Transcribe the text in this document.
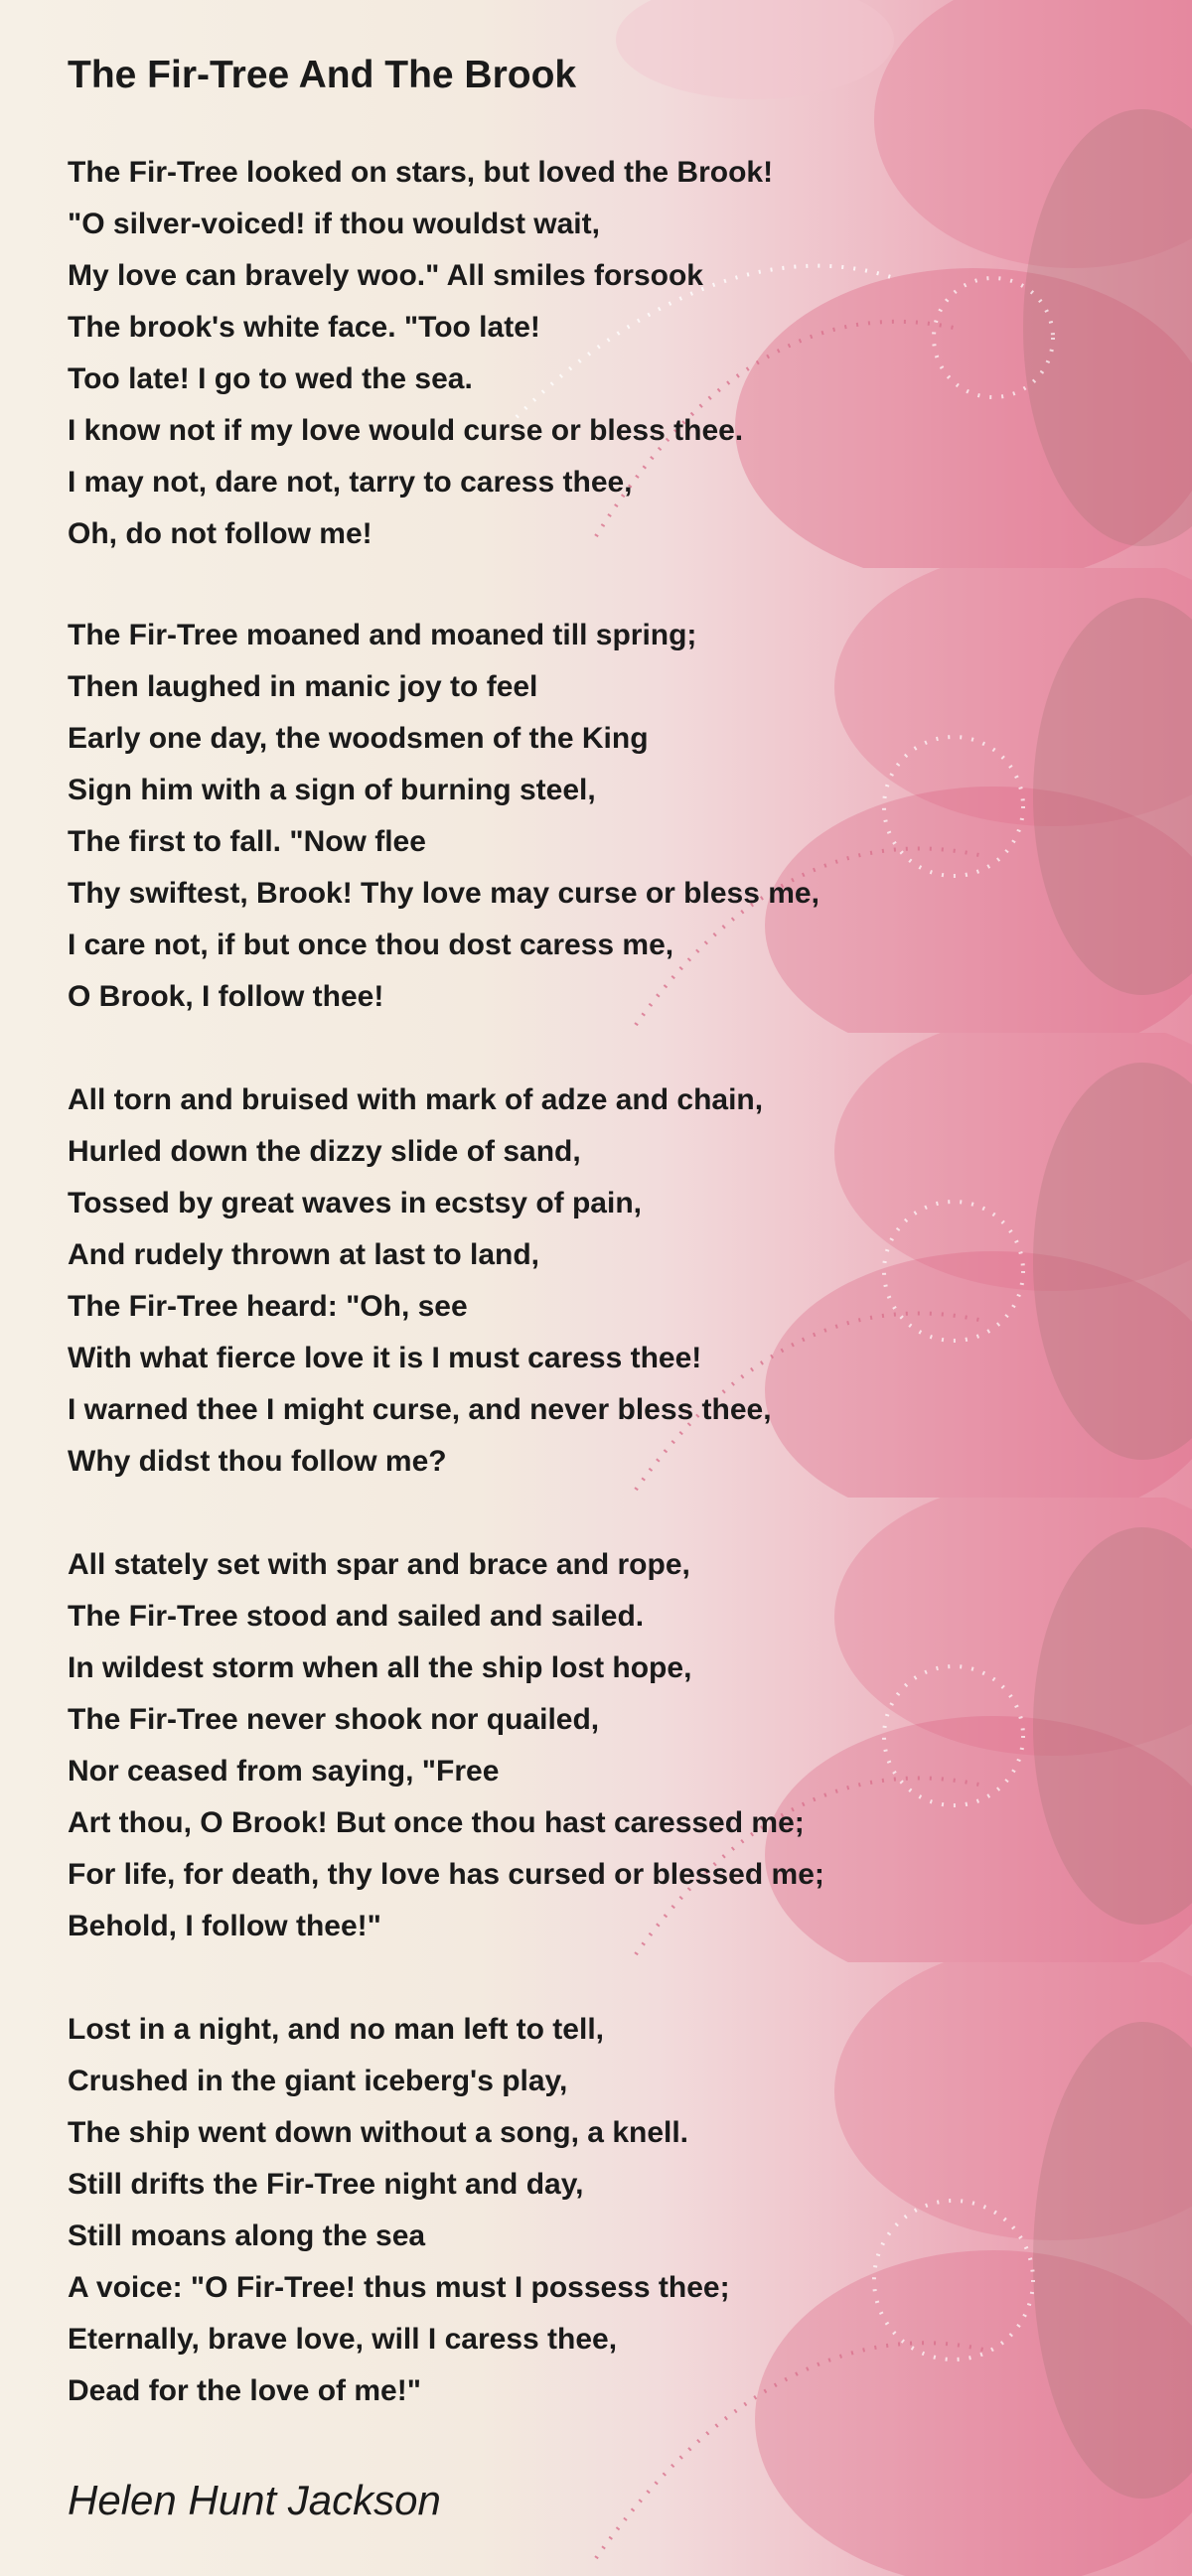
The Fir-Tree And The Brook
The Fir-Tree looked on stars, but loved the Brook!
"O silver-voiced! if thou wouldst wait,
My love can bravely woo." All smiles forsook
The brook's white face. "Too late!
Too late! I go to wed the sea.
I know not if my love would curse or bless thee.
I may not, dare not, tarry to caress thee,
Oh, do not follow me!
The Fir-Tree moaned and moaned till spring;
Then laughed in manic joy to feel
Early one day, the woodsmen of the King
Sign him with a sign of burning steel,
The first to fall. "Now flee
Thy swiftest, Brook! Thy love may curse or bless me,
I care not, if but once thou dost caress me,
O Brook, I follow thee!
All torn and bruised with mark of adze and chain,
Hurled down the dizzy slide of sand,
Tossed by great waves in ecstsy of pain,
And rudely thrown at last to land,
The Fir-Tree heard: "Oh, see
With what fierce love it is I must caress thee!
I warned thee I might curse, and never bless thee,
Why didst thou follow me?
All stately set with spar and brace and rope,
The Fir-Tree stood and sailed and sailed.
In wildest storm when all the ship lost hope,
The Fir-Tree never shook nor quailed,
Nor ceased from saying, "Free
Art thou, O Brook! But once thou hast caressed me;
For life, for death, thy love has cursed or blessed me;
Behold, I follow thee!"
Lost in a night, and no man left to tell,
Crushed in the giant iceberg's play,
The ship went down without a song, a knell.
Still drifts the Fir-Tree night and day,
Still moans along the sea
A voice: "O Fir-Tree! thus must I possess thee;
Eternally, brave love, will I caress thee,
Dead for the love of me!"

Helen Hunt Jackson
